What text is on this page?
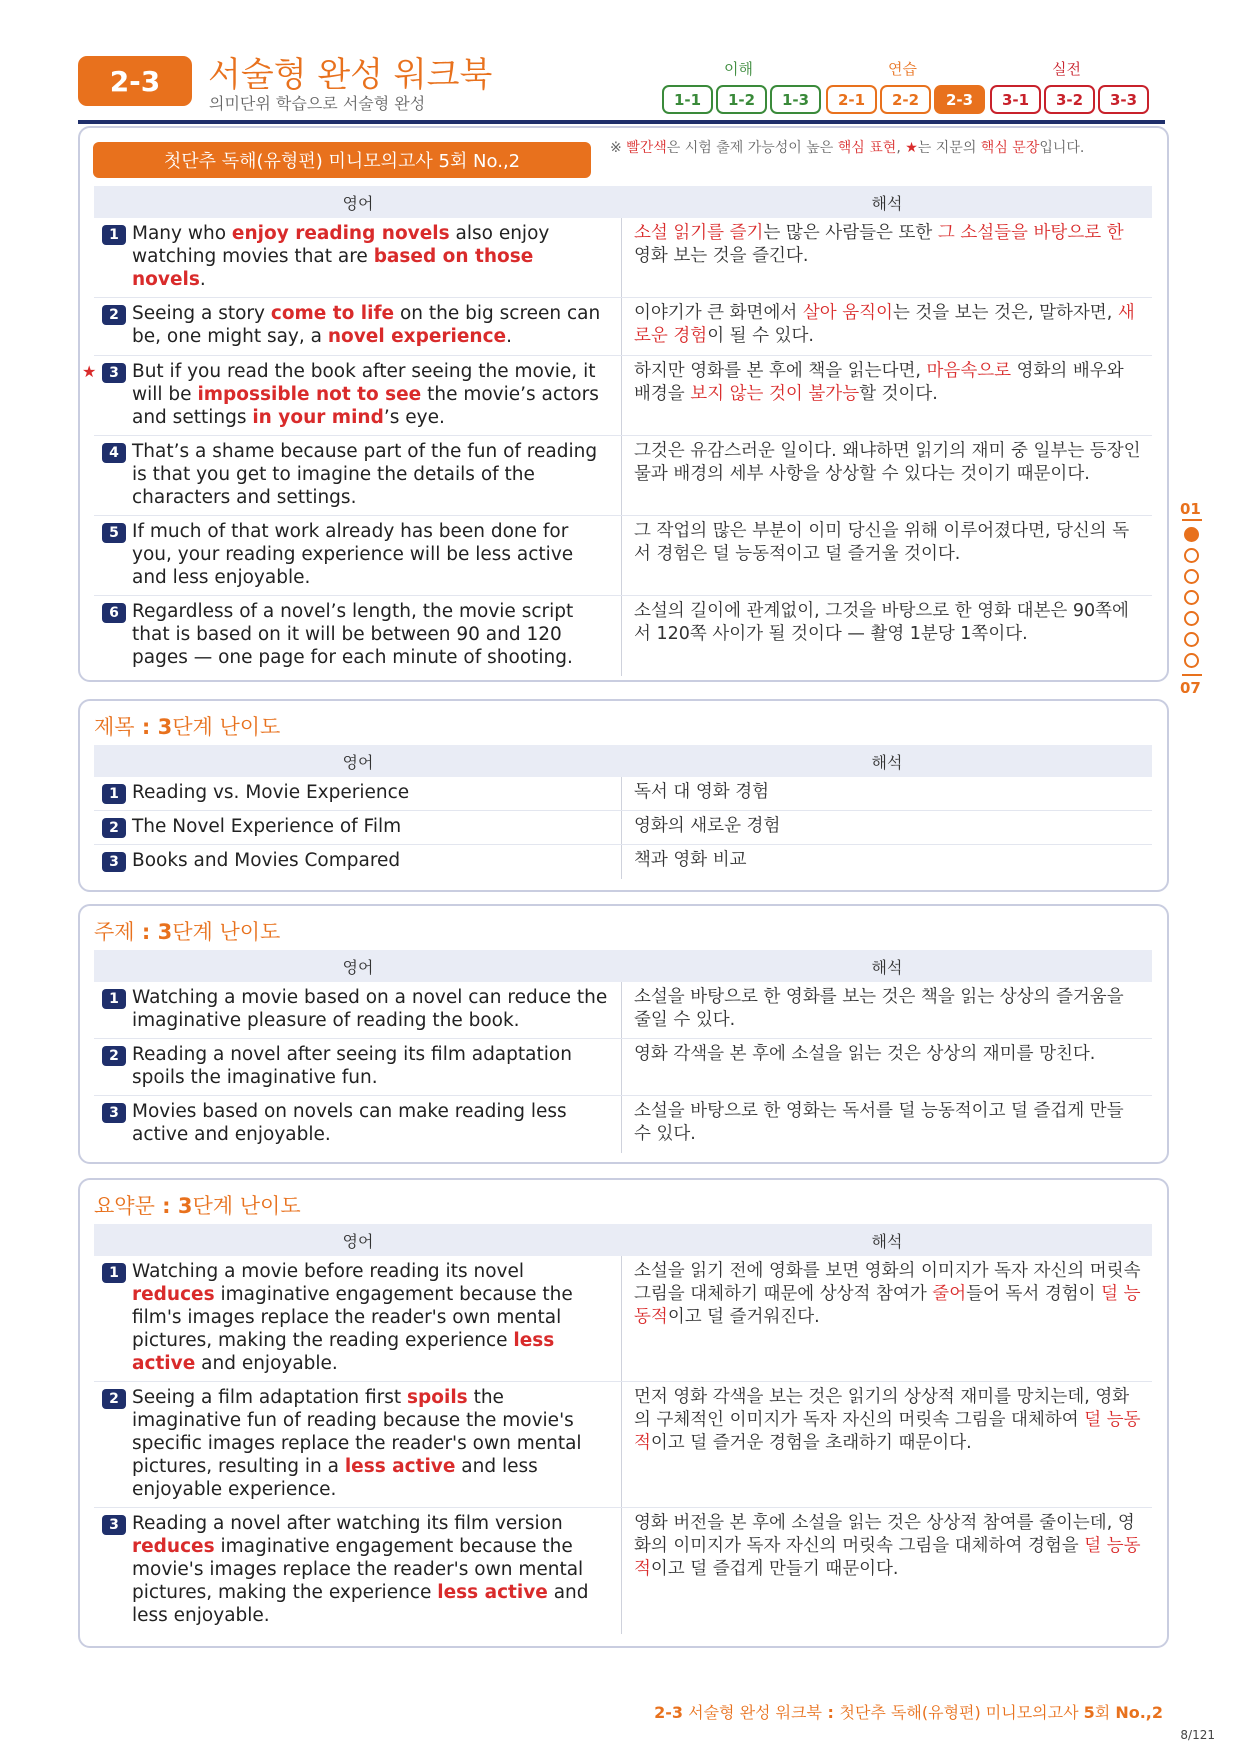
2-3	서술형 완성 워크북
의미단위 학습으로 서술형 완성
이해	연습	실전
1-1	1-2	1-3	2-1	2-2	2-3	3-1	3-2	3-3
첫단추 독해(유형편) 미니모의고사 5회 No.,2
※ 빨간색은 시험 출제 가능성이 높은 핵심 표현, ★는 지문의 핵심 문장입니다.
영어	해석
1 Many who enjoy reading novels also enjoy watching movies that are based on those novels.
소설 읽기를 즐기는 많은 사람들은 또한 그 소설들을 바탕으로 한 영화 보는 것을 즐긴다.
2 Seeing a story come to life on the big screen can be, one might say, a novel experience.
이야기가 큰 화면에서 살아 움직이는 것을 보는 것은, 말하자면, 새로운 경험이 될 수 있다.
★ 3 But if you read the book after seeing the movie, it will be impossible not to see the movie’s actors and settings in your mind’s eye.
하지만 영화를 본 후에 책을 읽는다면, 마음속으로 영화의 배우와 배경을 보지 않는 것이 불가능할 것이다.
4 That’s a shame because part of the fun of reading is that you get to imagine the details of the characters and settings.
그것은 유감스러운 일이다. 왜냐하면 읽기의 재미 중 일부는 등장인물과 배경의 세부 사항을 상상할 수 있다는 것이기 때문이다.
5 If much of that work already has been done for you, your reading experience will be less active and less enjoyable.
그 작업의 많은 부분이 이미 당신을 위해 이루어졌다면, 당신의 독서 경험은 덜 능동적이고 덜 즐거울 것이다.
6 Regardless of a novel’s length, the movie script that is based on it will be between 90 and 120 pages — one page for each minute of shooting.
소설의 길이에 관계없이, 그것을 바탕으로 한 영화 대본은 90쪽에서 120쪽 사이가 될 것이다 — 촬영 1분당 1쪽이다.
제목 : 3단계 난이도
영어	해석
1 Reading vs. Movie Experience	독서 대 영화 경험
2 The Novel Experience of Film	영화의 새로운 경험
3 Books and Movies Compared	책과 영화 비교
주제 : 3단계 난이도
영어	해석
1 Watching a movie based on a novel can reduce the imaginative pleasure of reading the book.
소설을 바탕으로 한 영화를 보는 것은 책을 읽는 상상의 즐거움을 줄일 수 있다.
2 Reading a novel after seeing its film adaptation spoils the imaginative fun.
영화 각색을 본 후에 소설을 읽는 것은 상상의 재미를 망친다.
3 Movies based on novels can make reading less active and enjoyable.
소설을 바탕으로 한 영화는 독서를 덜 능동적이고 덜 즐겁게 만들 수 있다.
요약문 : 3단계 난이도
영어	해석
1 Watching a movie before reading its novel reduces imaginative engagement because the film's images replace the reader's own mental pictures, making the reading experience less active and enjoyable.
소설을 읽기 전에 영화를 보면 영화의 이미지가 독자 자신의 머릿속 그림을 대체하기 때문에 상상적 참여가 줄어들어 독서 경험이 덜 능동적이고 덜 즐거워진다.
2 Seeing a film adaptation first spoils the imaginative fun of reading because the movie's specific images replace the reader's own mental pictures, resulting in a less active and less enjoyable experience.
먼저 영화 각색을 보는 것은 읽기의 상상적 재미를 망치는데, 영화의 구체적인 이미지가 독자 자신의 머릿속 그림을 대체하여 덜 능동적이고 덜 즐거운 경험을 초래하기 때문이다.
3 Reading a novel after watching its film version reduces imaginative engagement because the movie's images replace the reader's own mental pictures, making the experience less active and less enjoyable.
영화 버전을 본 후에 소설을 읽는 것은 상상적 참여를 줄이는데, 영화의 이미지가 독자 자신의 머릿속 그림을 대체하여 경험을 덜 능동적이고 덜 즐겁게 만들기 때문이다.
01
07
2-3 서술형 완성 워크북 : 첫단추 독해(유형편) 미니모의고사 5회 No.,2
8/121
